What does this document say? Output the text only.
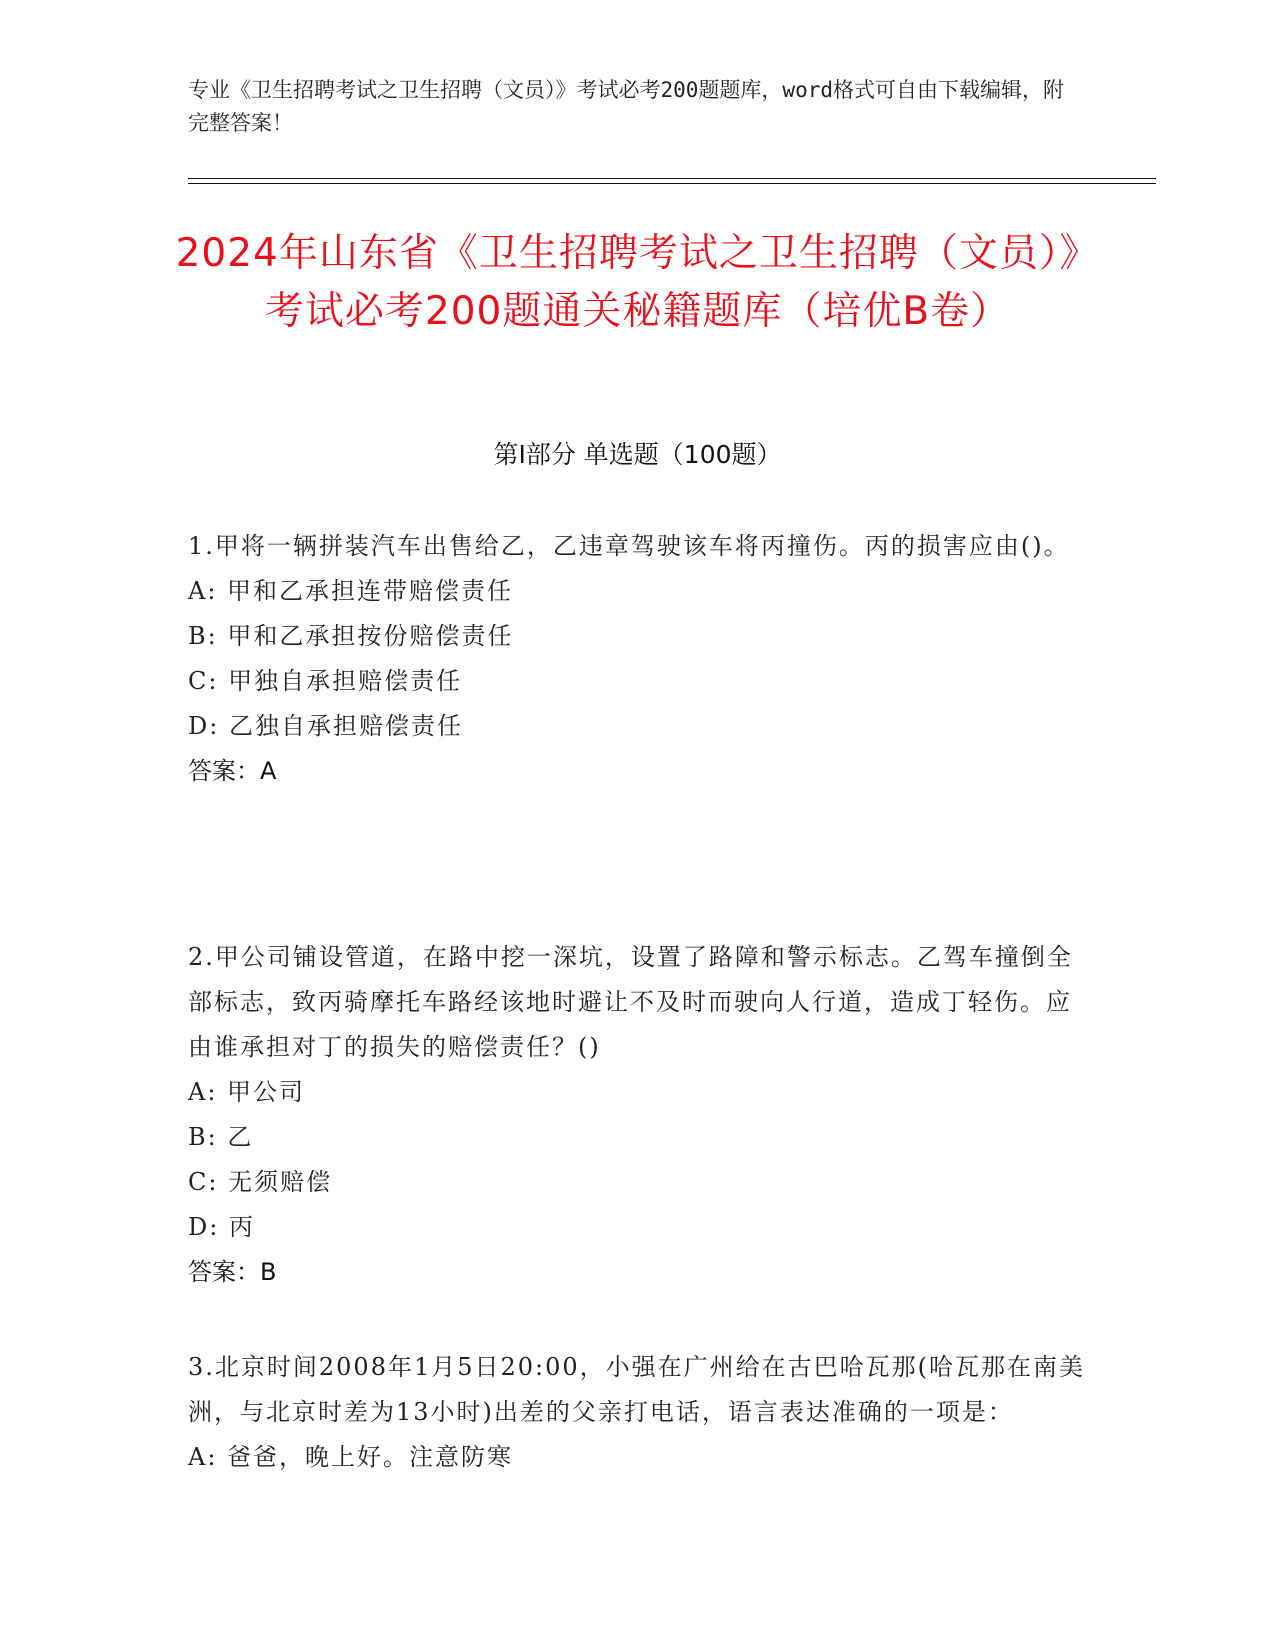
专业《卫生招聘考试之卫生招聘（文员）》考试必考200题题库，word格式可自由下载编辑，附完整答案！
2024年山东省《卫生招聘考试之卫生招聘（文员）》考试必考200题通关秘籍题库（培优B卷）
第I部分 单选题（100题）
1.甲将一辆拼装汽车出售给乙，乙违章驾驶该车将丙撞伤。丙的损害应由()。
A: 甲和乙承担连带赔偿责任
B: 甲和乙承担按份赔偿责任
C: 甲独自承担赔偿责任
D: 乙独自承担赔偿责任
答案：A
2.甲公司铺设管道，在路中挖一深坑，设置了路障和警示标志。乙驾车撞倒全部标志，致丙骑摩托车路经该地时避让不及时而驶向人行道，造成丁轻伤。应由谁承担对丁的损失的赔偿责任？()
A: 甲公司
B: 乙
C: 无须赔偿
D: 丙
答案：B
3.北京时间2008年1月5日20:00，小强在广州给在古巴哈瓦那(哈瓦那在南美洲，与北京时差为13小时)出差的父亲打电话，语言表达准确的一项是：
A: 爸爸，晚上好。注意防寒
